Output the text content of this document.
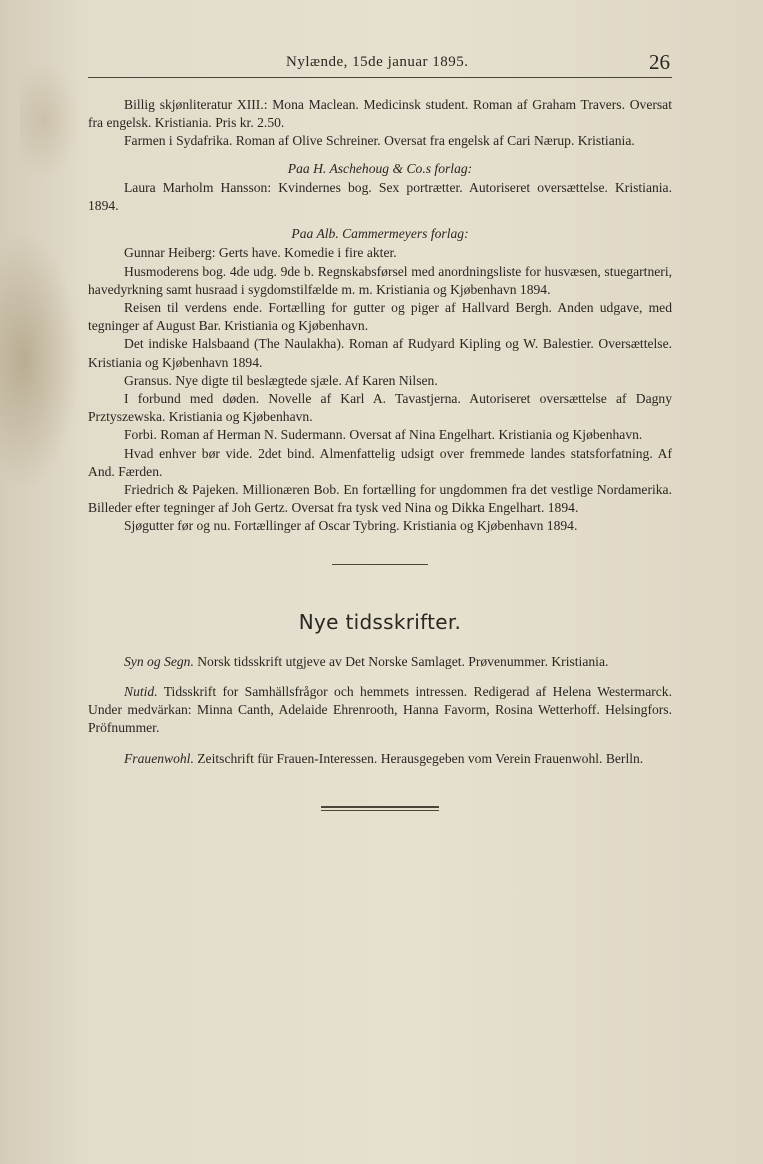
Nylænde, 15de januar 1895.	26

Billig skjønliteratur XIII.: Mona Maclean. Medicinsk student. Roman af Graham Travers. Oversat fra engelsk. Kristiania. Pris kr. 2.50.

Farmen i Sydafrika. Roman af Olive Schreiner. Oversat fra engelsk af Cari Nærup. Kristiania.

Paa H. Aschehoug & Co.s forlag:

Laura Marholm Hansson: Kvindernes bog. Sex portrætter. Autoriseret oversættelse. Kristiania. 1894.

Paa Alb. Cammermeyers forlag:

Gunnar Heiberg: Gerts have. Komedie i fire akter.

Husmoderens bog. 4de udg. 9de b. Regnskabsførsel med anordningsliste for husvæsen, stuegartneri, havedyrkning samt husraad i sygdomstilfælde m. m. Kristiania og Kjøbenhavn 1894.

Reisen til verdens ende. Fortælling for gutter og piger af Hallvard Bergh. Anden udgave, med tegninger af August Bar. Kristiania og Kjøbenhavn.

Det indiske Halsbaand (The Naulakha). Roman af Rudyard Kipling og W. Balestier. Oversættelse. Kristiania og Kjøbenhavn 1894.

Gransus. Nye digte til beslægtede sjæle. Af Karen Nilsen.

I forbund med døden. Novelle af Karl A. Tavastjerna. Autoriseret oversættelse af Dagny Prztyszewska. Kristiania og Kjøbenhavn.

Forbi. Roman af Herman N. Sudermann. Oversat af Nina Engelhart. Kristiania og Kjøbenhavn.

Hvad enhver bør vide. 2det bind. Almenfattelig udsigt over fremmede landes statsforfatning. Af And. Færden.

Friedrich & Pajeken. Millionæren Bob. En fortælling for ungdommen fra det vestlige Nordamerika. Billeder efter tegninger af Joh Gertz. Oversat fra tysk ved Nina og Dikka Engelhart. 1894.

Sjøgutter før og nu. Fortællinger af Oscar Tybring. Kristiania og Kjøbenhavn 1894.

Nye tidsskrifter.

Syn og Segn. Norsk tidsskrift utgjeve av Det Norske Samlaget. Prøvenummer. Kristiania.

Nutid. Tidsskrift for Samhällsfrågor och hemmets intressen. Redigerad af Helena Westermarck. Under medvärkan: Minna Canth, Adelaide Ehrenrooth, Hanna Favorm, Rosina Wetterhoff. Helsingfors. Pröfnummer.

Frauenwohl. Zeitschrift für Frauen-Interessen. Herausgegeben vom Verein Frauenwohl. Berlln.
